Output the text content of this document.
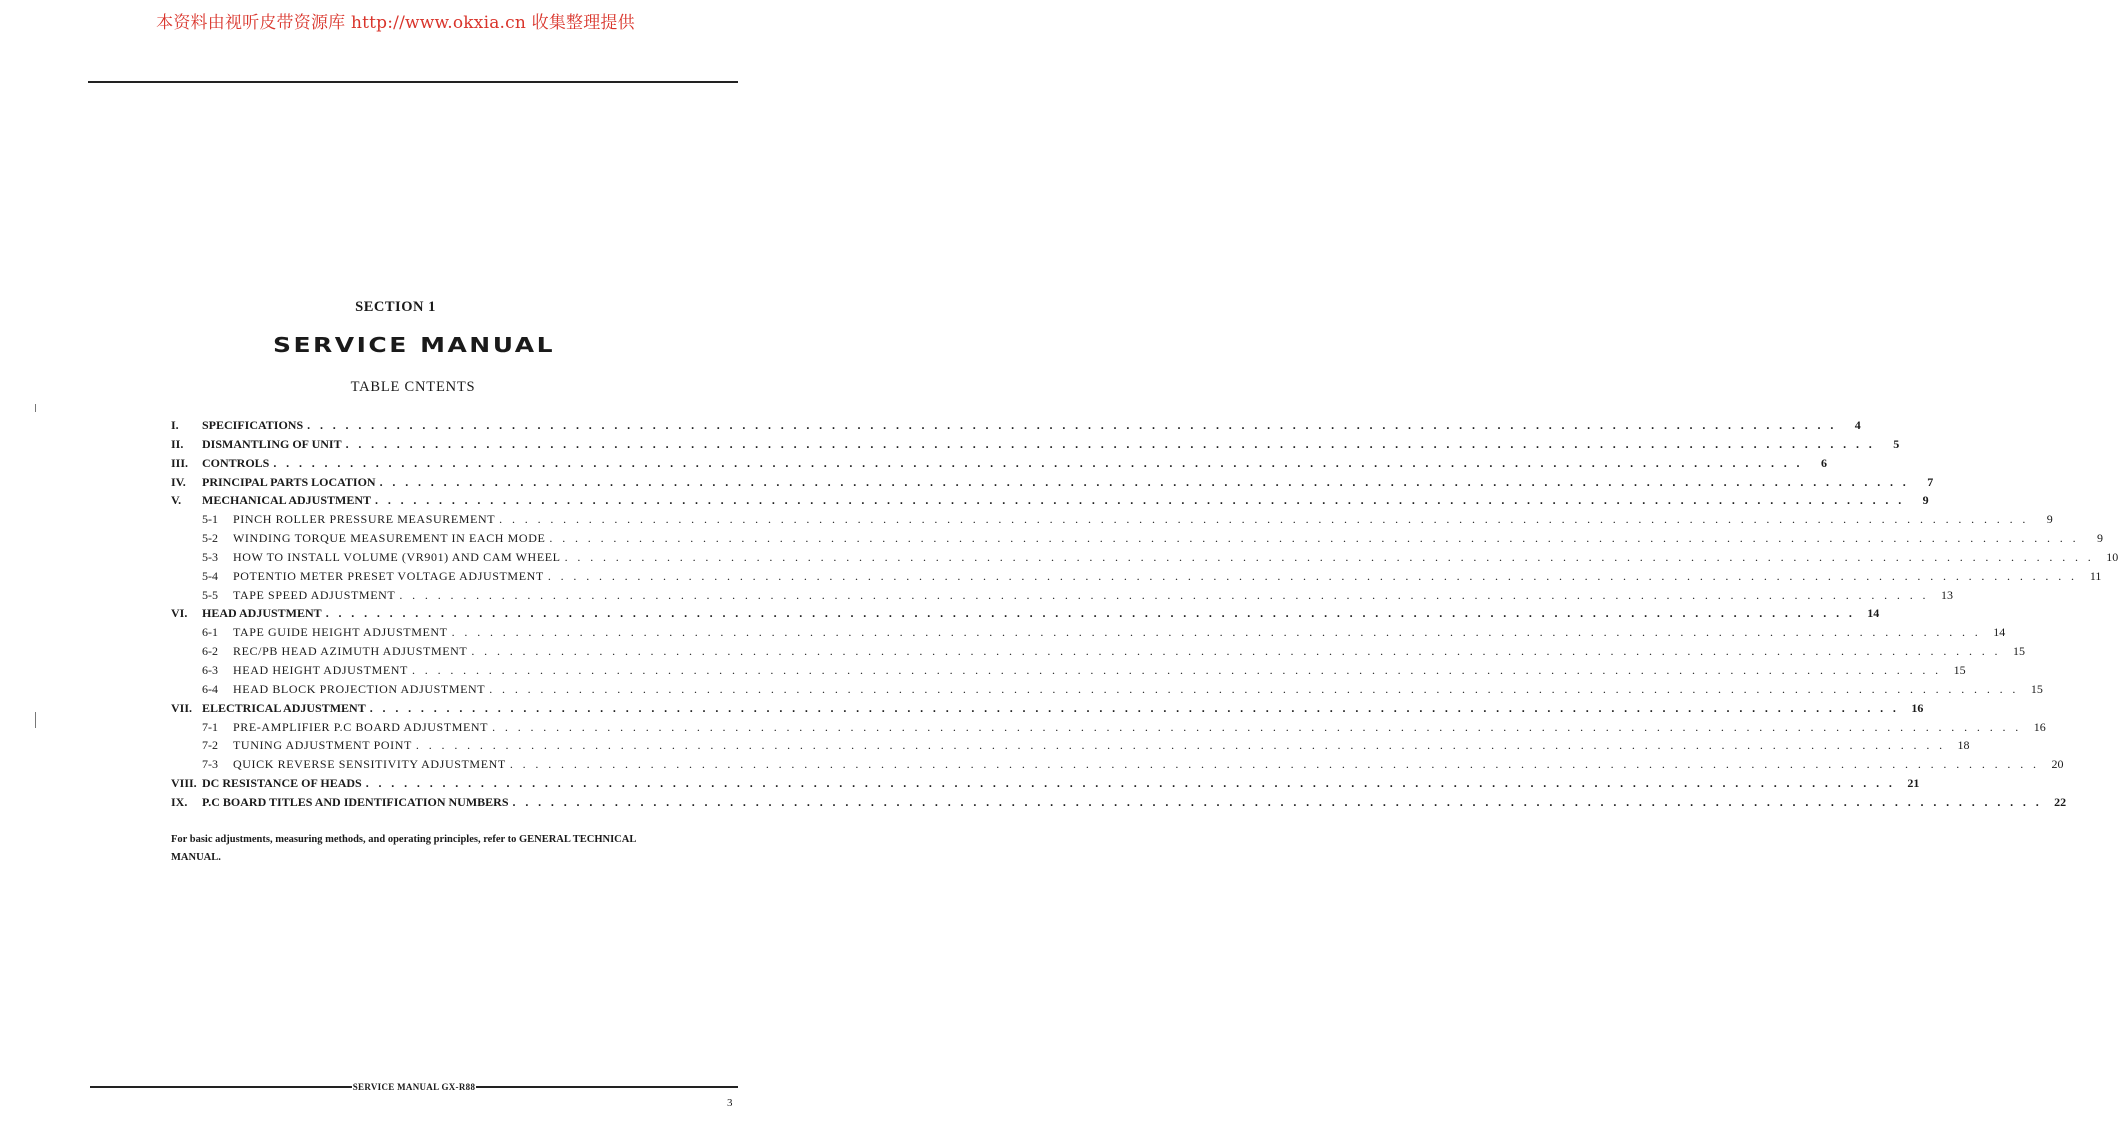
本资料由视听皮带资源库 http://www.okxia.cn 收集整理提供
SECTION 1
SERVICE MANUAL
TABLE CNTENTS
I.	SPECIFICATIONS . . . . . . . . . . . . . . . . . . . . . . . . . . . . . . . . . . . . . . . . . . . . . . . . . . . . . . . . . . . . . . . . . . . . . . . . . . . . . . . . . . . . . . . . . . . . . . . . . . . . . . . . . . . . . . . . . . . . . . . .	4
II.	DISMANTLING OF UNIT . . . . . . . . . . . . . . . . . . . . . . . . . . . . . . . . . . . . . . . . . . . . . . . . . . . . . . . . . . . . . . . . . . . . . . . . . . . . . . . . . . . . . . . . . . . . . . . . . . . . . . . . . . . . . . . . . . . . . . . .	5
III.	CONTROLS . . . . . . . . . . . . . . . . . . . . . . . . . . . . . . . . . . . . . . . . . . . . . . . . . . . . . . . . . . . . . . . . . . . . . . . . . . . . . . . . . . . . . . . . . . . . . . . . . . . . . . . . . . . . . . . . . . . . . . . .	6
IV.	PRINCIPAL PARTS LOCATION . . . . . . . . . . . . . . . . . . . . . . . . . . . . . . . . . . . . . . . . . . . . . . . . . . . . . . . . . . . . . . . . . . . . . . . . . . . . . . . . . . . . . . . . . . . . . . . . . . . . . . . . . . . . . . . . . . . . . . . .	7
V.	MECHANICAL ADJUSTMENT . . . . . . . . . . . . . . . . . . . . . . . . . . . . . . . . . . . . . . . . . . . . . . . . . . . . . . . . . . . . . . . . . . . . . . . . . . . . . . . . . . . . . . . . . . . . . . . . . . . . . . . . . . . . . . . . . . . . . . . .	9
5-1	PINCH ROLLER PRESSURE MEASUREMENT . . . . . . . . . . . . . . . . . . . . . . . . . . . . . . . . . . . . . . . . . . . . . . . . . . . . . . . . . . . . . . . . . . . . . . . . . . . . . . . . . . . . . . . . . . . . . . . . . . . . . . . . . . . . . . . . . . . . . . . .	9
5-2	WINDING TORQUE MEASUREMENT IN EACH MODE . . . . . . . . . . . . . . . . . . . . . . . . . . . . . . . . . . . . . . . . . . . . . . . . . . . . . . . . . . . . . . . . . . . . . . . . . . . . . . . . . . . . . . . . . . . . . . . . . . . . . . . . . . . . . . . . . . . . . . . .	9
5-3	HOW TO INSTALL VOLUME (VR901) AND CAM WHEEL . . . . . . . . . . . . . . . . . . . . . . . . . . . . . . . . . . . . . . . . . . . . . . . . . . . . . . . . . . . . . . . . . . . . . . . . . . . . . . . . . . . . . . . . . . . . . . . . . . . . . . . . . . . . . . . . . . . . . . . .	10
5-4	POTENTIO METER PRESET VOLTAGE ADJUSTMENT . . . . . . . . . . . . . . . . . . . . . . . . . . . . . . . . . . . . . . . . . . . . . . . . . . . . . . . . . . . . . . . . . . . . . . . . . . . . . . . . . . . . . . . . . . . . . . . . . . . . . . . . . . . . . . . . . . . . . . . .	11
5-5	TAPE SPEED ADJUSTMENT . . . . . . . . . . . . . . . . . . . . . . . . . . . . . . . . . . . . . . . . . . . . . . . . . . . . . . . . . . . . . . . . . . . . . . . . . . . . . . . . . . . . . . . . . . . . . . . . . . . . . . . . . . . . . . . . . . . . . . . .	13
VI.	HEAD ADJUSTMENT . . . . . . . . . . . . . . . . . . . . . . . . . . . . . . . . . . . . . . . . . . . . . . . . . . . . . . . . . . . . . . . . . . . . . . . . . . . . . . . . . . . . . . . . . . . . . . . . . . . . . . . . . . . . . . . . . . . . . . . .	14
6-1	TAPE GUIDE HEIGHT ADJUSTMENT . . . . . . . . . . . . . . . . . . . . . . . . . . . . . . . . . . . . . . . . . . . . . . . . . . . . . . . . . . . . . . . . . . . . . . . . . . . . . . . . . . . . . . . . . . . . . . . . . . . . . . . . . . . . . . . . . . . . . . . .	14
6-2	REC/PB HEAD AZIMUTH ADJUSTMENT . . . . . . . . . . . . . . . . . . . . . . . . . . . . . . . . . . . . . . . . . . . . . . . . . . . . . . . . . . . . . . . . . . . . . . . . . . . . . . . . . . . . . . . . . . . . . . . . . . . . . . . . . . . . . . . . . . . . . . . .	15
6-3	HEAD HEIGHT ADJUSTMENT . . . . . . . . . . . . . . . . . . . . . . . . . . . . . . . . . . . . . . . . . . . . . . . . . . . . . . . . . . . . . . . . . . . . . . . . . . . . . . . . . . . . . . . . . . . . . . . . . . . . . . . . . . . . . . . . . . . . . . . .	15
6-4	HEAD BLOCK PROJECTION ADJUSTMENT . . . . . . . . . . . . . . . . . . . . . . . . . . . . . . . . . . . . . . . . . . . . . . . . . . . . . . . . . . . . . . . . . . . . . . . . . . . . . . . . . . . . . . . . . . . . . . . . . . . . . . . . . . . . . . . . . . . . . . . .	15
VII. ELECTRICAL ADJUSTMENT . . . . . . . . . . . . . . . . . . . . . . . . . . . . . . . . . . . . . . . . . . . . . . . . . . . . . . . . . . . . . . . . . . . . . . . . . . . . . . . . . . . . . . . . . . . . . . . . . . . . . . . . . . . . . . . . . . . . . . . .	16
7-1	PRE-AMPLIFIER P.C BOARD ADJUSTMENT . . . . . . . . . . . . . . . . . . . . . . . . . . . . . . . . . . . . . . . . . . . . . . . . . . . . . . . . . . . . . . . . . . . . . . . . . . . . . . . . . . . . . . . . . . . . . . . . . . . . . . . . . . . . . . . . . . . . . . . .	16
7-2	TUNING ADJUSTMENT POINT . . . . . . . . . . . . . . . . . . . . . . . . . . . . . . . . . . . . . . . . . . . . . . . . . . . . . . . . . . . . . . . . . . . . . . . . . . . . . . . . . . . . . . . . . . . . . . . . . . . . . . . . . . . . . . . . . . . . . . . .	18
7-3	QUICK REVERSE SENSITIVITY ADJUSTMENT . . . . . . . . . . . . . . . . . . . . . . . . . . . . . . . . . . . . . . . . . . . . . . . . . . . . . . . . . . . . . . . . . . . . . . . . . . . . . . . . . . . . . . . . . . . . . . . . . . . . . . . . . . . . . . . . . . . . . . . .	20
VIII. DC RESISTANCE OF HEADS . . . . . . . . . . . . . . . . . . . . . . . . . . . . . . . . . . . . . . . . . . . . . . . . . . . . . . . . . . . . . . . . . . . . . . . . . . . . . . . . . . . . . . . . . . . . . . . . . . . . . . . . . . . . . . . . . . . . . . . .	21
IX.	P.C BOARD TITLES AND IDENTIFICATION NUMBERS . . . . . . . . . . . . . . . . . . . . . . . . . . . . . . . . . . . . . . . . . . . . . . . . . . . . . . . . . . . . . . . . . . . . . . . . . . . . . . . . . . . . . . . . . . . . . . . . . . . . . . . . . . . . . . . . . . . . . . . .	22
For basic adjustments, measuring methods, and operating principles, refer to GENERAL TECHNICAL MANUAL.
SERVICE MANUAL GX-R88
3
